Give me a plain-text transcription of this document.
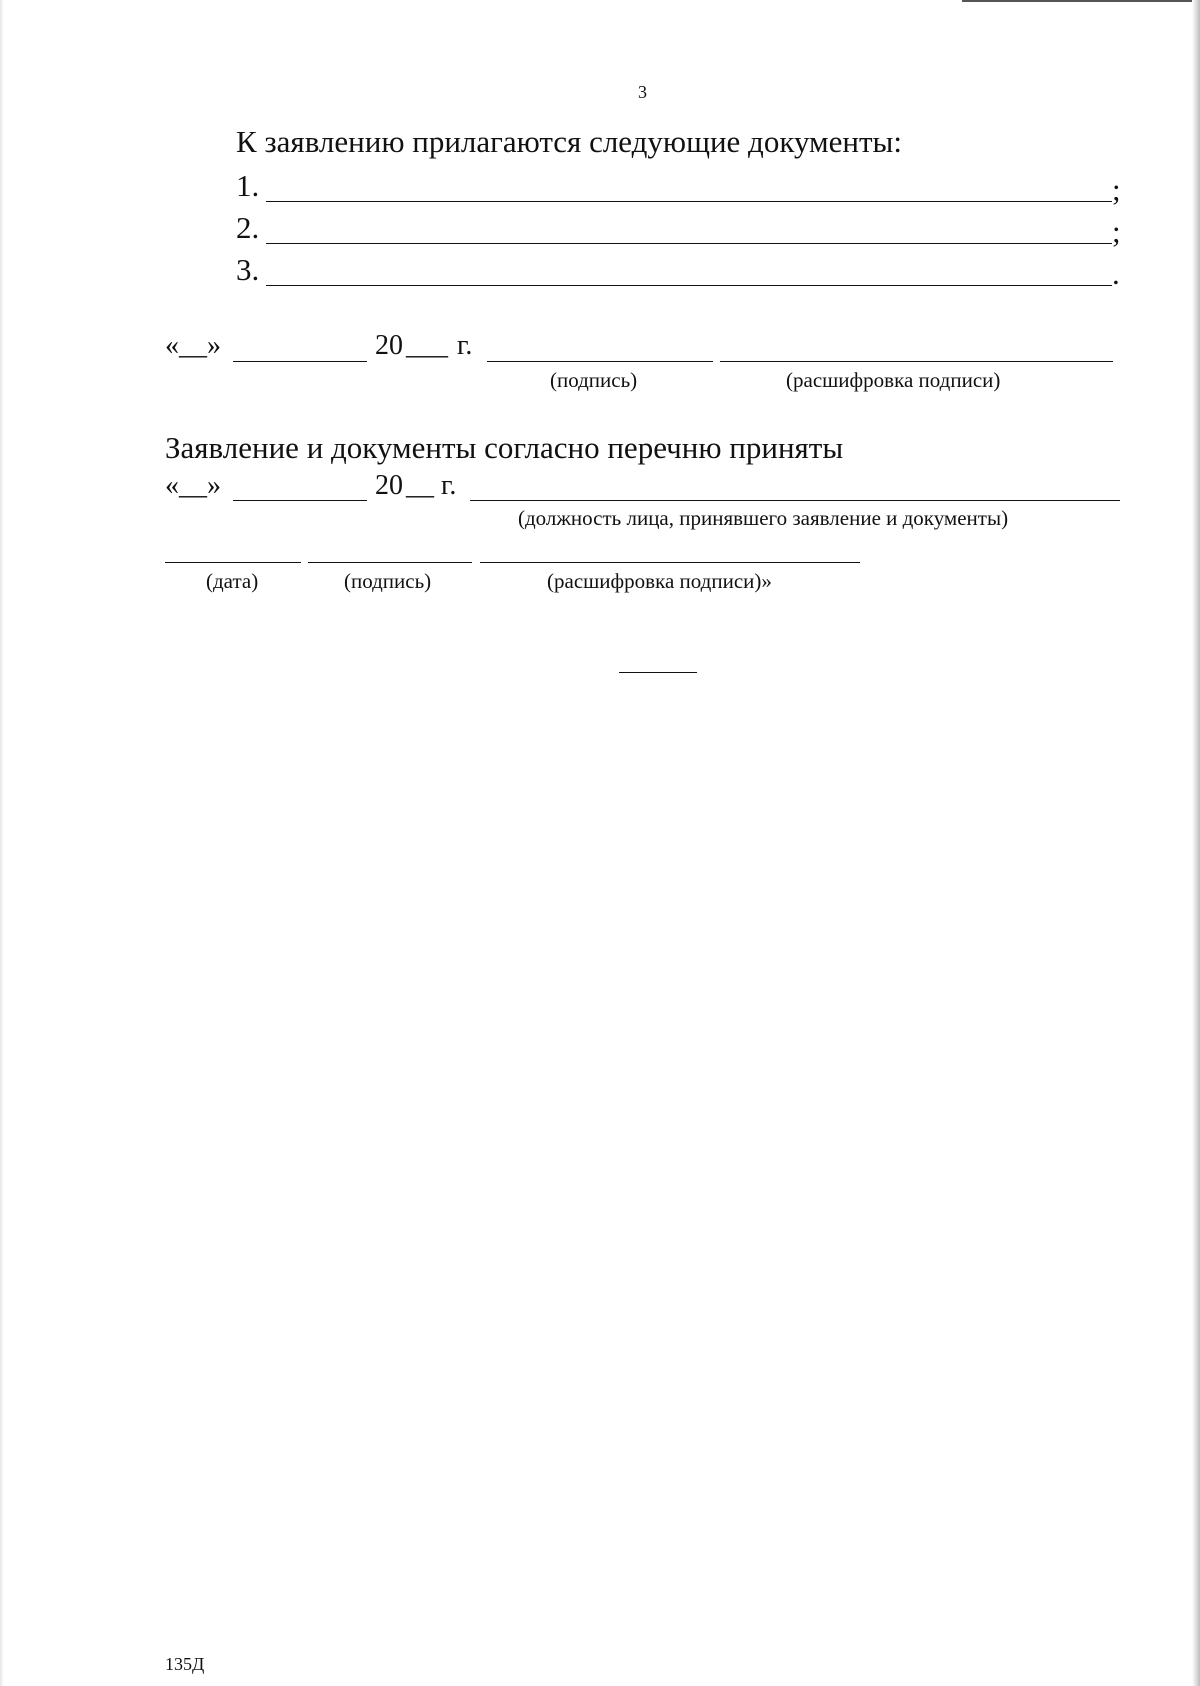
3
К заявлению прилагаются следующие документы:
1.	;
2.	;
3.	.
«__»	20 ___ г.
(подпись)	(расшифровка подписи)
Заявление и документы согласно перечню приняты
«__»	20 __ г.
(должность лица, принявшего заявление и документы)
(дата)	(подпись)	(расшифровка подписи)»
135Д
